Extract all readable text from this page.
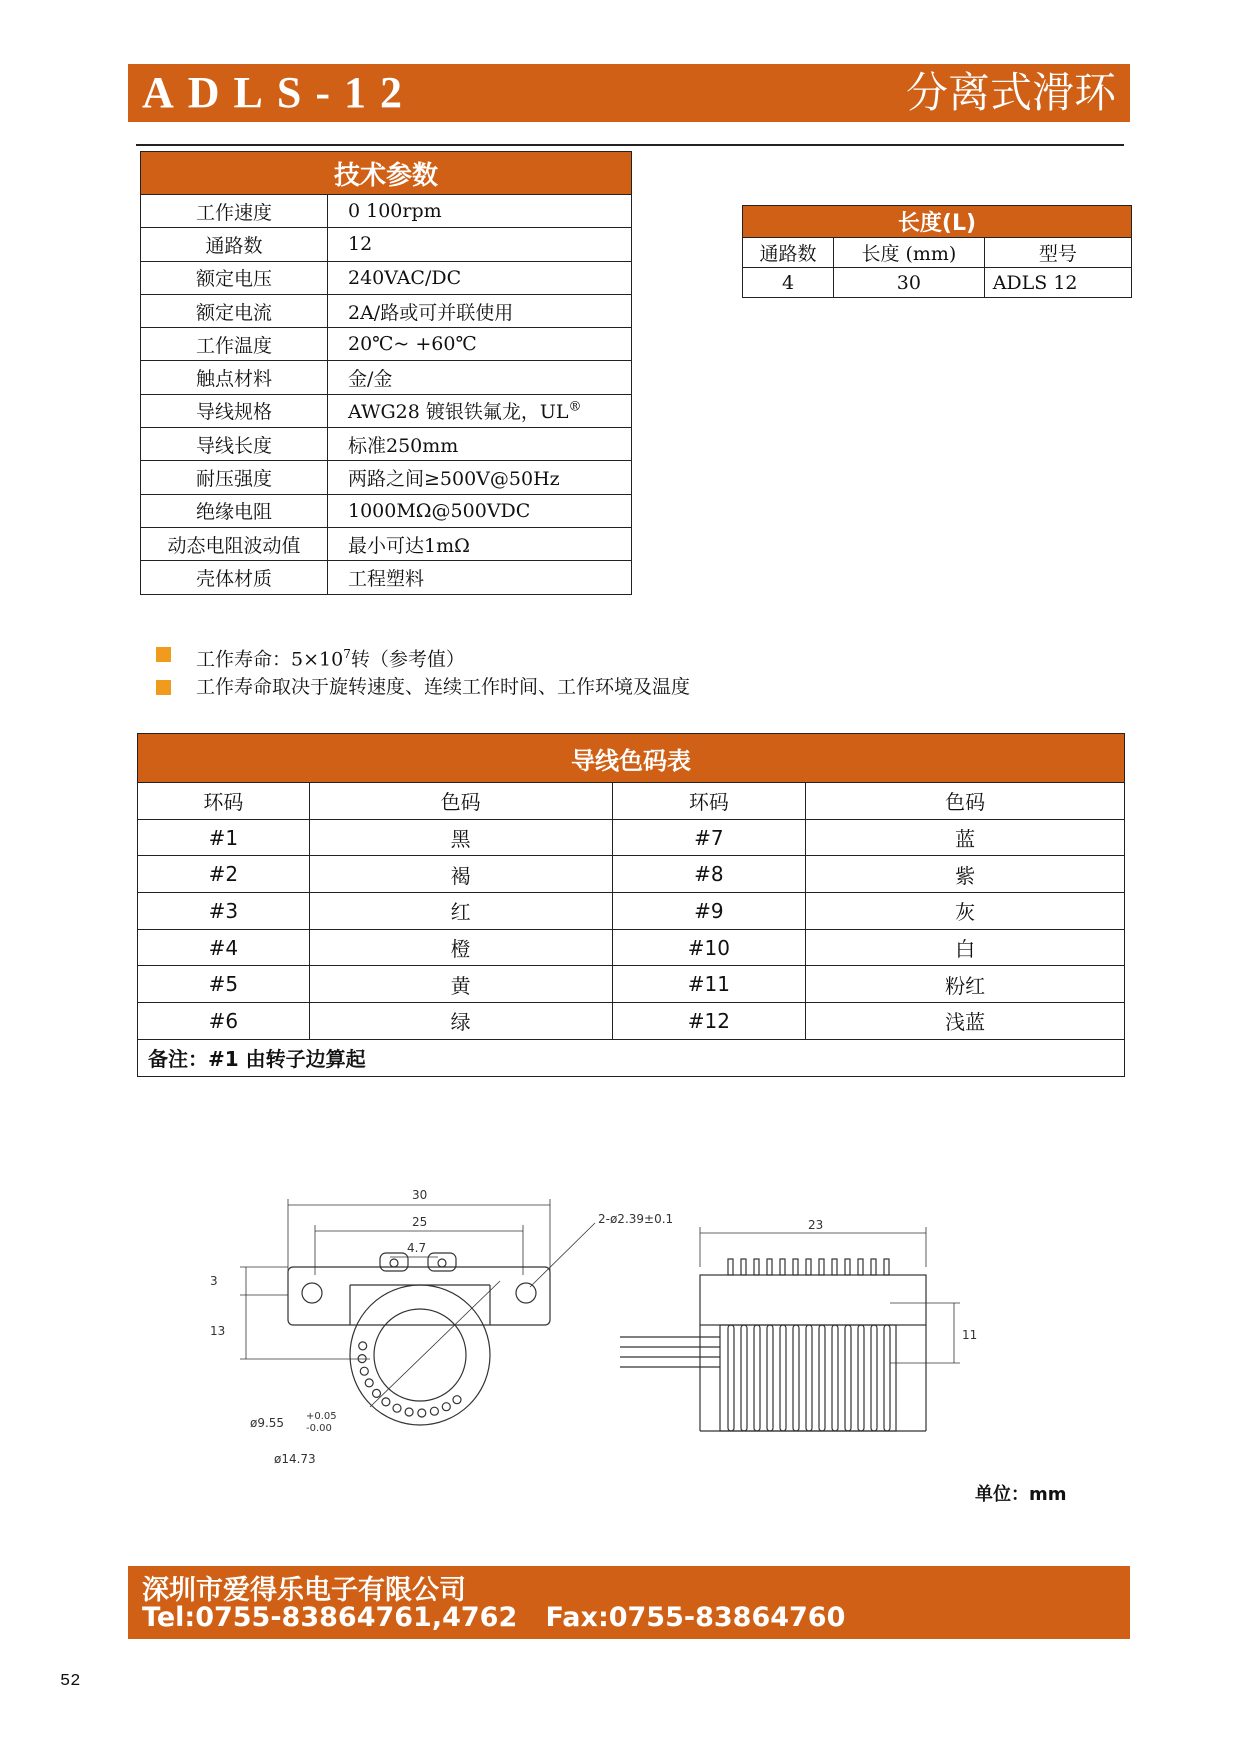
ADLS-12	分离式滑环
技术参数	
工作速度	0 100rpm
通路数	12
额定电压	240VAC/DC
额定电流	2A/路或可并联使用
工作温度	20℃~ +60℃
触点材料	金/金
导线规格	AWG28 镀银铁氟龙，UL®
导线长度	标准250mm
耐压强度	两路之间≥500V@50Hz
绝缘电阻	1000MΩ@500VDC
动态电阻波动值	最小可达1mΩ
壳体材质	工程塑料
长度(L)		
通路数	长度 (mm)	型号
4	30	ADLS 12
工作寿命：$5\times 10^7$转（参考值）
工作寿命取决于旋转速度、连续工作时间、工作环境及温度
导线色码表			
环码	色码	环码	色码
#1	黑	#7	蓝
#2	褐	#8	紫
#3	红	#9	灰
#4	橙	#10	白
#5	黄	#11	粉红
#6	绿	#12	浅蓝
备注：#1 由转子边算起			
30
25
4.7
3
13
ø9.55 +0.05
-0.00
ø14.73
2-ø2.39±0.1	23
11
单位：mm
深圳市爱得乐电子有限公司
Tel:0755-83864761,4762   Fax:0755-83864760
52
